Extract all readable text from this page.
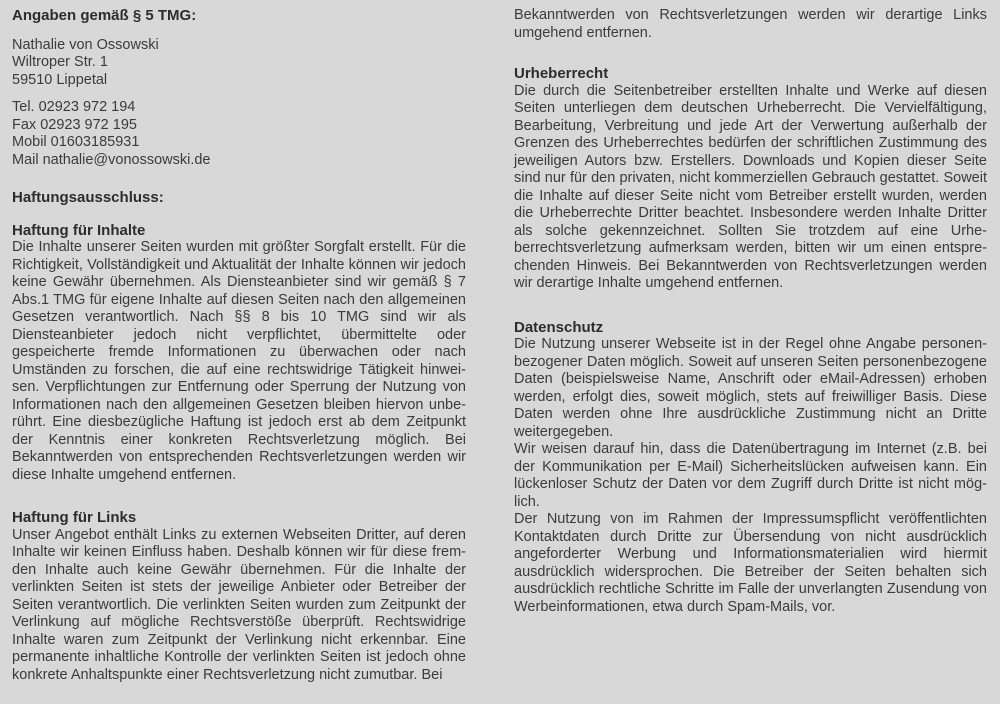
Angaben gemäß § 5 TMG:
Nathalie von Ossowski
Wiltroper Str. 1
59510 Lippetal
Tel. 02923 972 194
Fax 02923 972 195
Mobil 01603185931
Mail nathalie@vonossowski.de
Haftungsausschluss:
Haftung für Inhalte

Die Inhalte unserer Seiten wurden mit größter Sorgfalt erstellt. Für die Richtigkeit, Vollständigkeit und Aktualität der Inhalte können wir jedoch keine Gewähr übernehmen. Als Diensteanbieter sind wir gemäß § 7 Abs.1 TMG für eigene Inhalte auf diesen Seiten nach den allgemeinen Gesetzen verantwortlich. Nach §§ 8 bis 10 TMG sind wir als Diensteanbieter jedoch nicht verpflichtet, übermittelte oder gespeicherte fremde Informationen zu überwachen oder nach Umständen zu forschen, die auf eine rechtswidrige Tätigkeit hinweisen. Verpflichtungen zur Entfernung oder Sperrung der Nutzung von Informationen nach den allgemeinen Gesetzen bleiben hiervon unberührt. Eine diesbezügliche Haftung ist jedoch erst ab dem Zeitpunkt der Kenntnis einer konkreten Rechtsverletzung möglich. Bei Bekanntwerden von entsprechenden Rechtsverletzungen werden wir diese Inhalte umgehend entfernen.

Haftung für Links

Unser Angebot enthält Links zu externen Webseiten Dritter, auf deren Inhalte wir keinen Einfluss haben. Deshalb können wir für diese fremden Inhalte auch keine Gewähr übernehmen. Für die Inhalte der verlinkten Seiten ist stets der jeweilige Anbieter oder Betreiber der Seiten verantwortlich. Die verlinkten Seiten wurden zum Zeitpunkt der Verlinkung auf mögliche Rechtsverstöße überprüft. Rechtswidrige Inhalte waren zum Zeitpunkt der Verlinkung nicht erkennbar. Eine permanente inhaltliche Kontrolle der verlinkten Seiten ist jedoch ohne konkrete Anhaltspunkte einer Rechtsverletzung nicht zumutbar. Bei

Bekanntwerden von Rechtsverletzungen werden wir derartige Links umgehend entfernen.

Urheberrecht

Die durch die Seitenbetreiber erstellten Inhalte und Werke auf diesen Seiten unterliegen dem deutschen Urheberrecht. Die Vervielfältigung, Bearbeitung, Verbreitung und jede Art der Verwertung außerhalb der Grenzen des Urheberrechtes bedürfen der schriftlichen Zustimmung des jeweiligen Autors bzw. Erstellers. Downloads und Kopien dieser Seite sind nur für den privaten, nicht kommerziellen Gebrauch gestattet. Soweit die Inhalte auf dieser Seite nicht vom Betreiber erstellt wurden, werden die Urheberrechte Dritter beachtet. Insbesondere werden Inhalte Dritter als solche gekennzeichnet. Sollten Sie trotzdem auf eine Urheberrechtsverletzung aufmerksam werden, bitten wir um einen entsprechenden Hinweis. Bei Bekanntwerden von Rechtsverletzungen werden wir derartige Inhalte umgehend entfernen.

Datenschutz

Die Nutzung unserer Webseite ist in der Regel ohne Angabe personenbezogener Daten möglich. Soweit auf unseren Seiten personenbezogene Daten (beispielsweise Name, Anschrift oder eMail-Adressen) erhoben werden, erfolgt dies, soweit möglich, stets auf freiwilliger Basis. Diese Daten werden ohne Ihre ausdrückliche Zustimmung nicht an Dritte weitergegeben.

Wir weisen darauf hin, dass die Datenübertragung im Internet (z.B. bei der Kommunikation per E-Mail) Sicherheitslücken aufweisen kann. Ein lückenloser Schutz der Daten vor dem Zugriff durch Dritte ist nicht möglich.

Der Nutzung von im Rahmen der Impressumspflicht veröffentlichten Kontaktdaten durch Dritte zur Übersendung von nicht ausdrücklich angeforderter Werbung und Informationsmaterialien wird hiermit ausdrücklich widersprochen. Die Betreiber der Seiten behalten sich ausdrücklich rechtliche Schritte im Falle der unverlangten Zusendung von Werbeinformationen, etwa durch Spam-Mails, vor.
